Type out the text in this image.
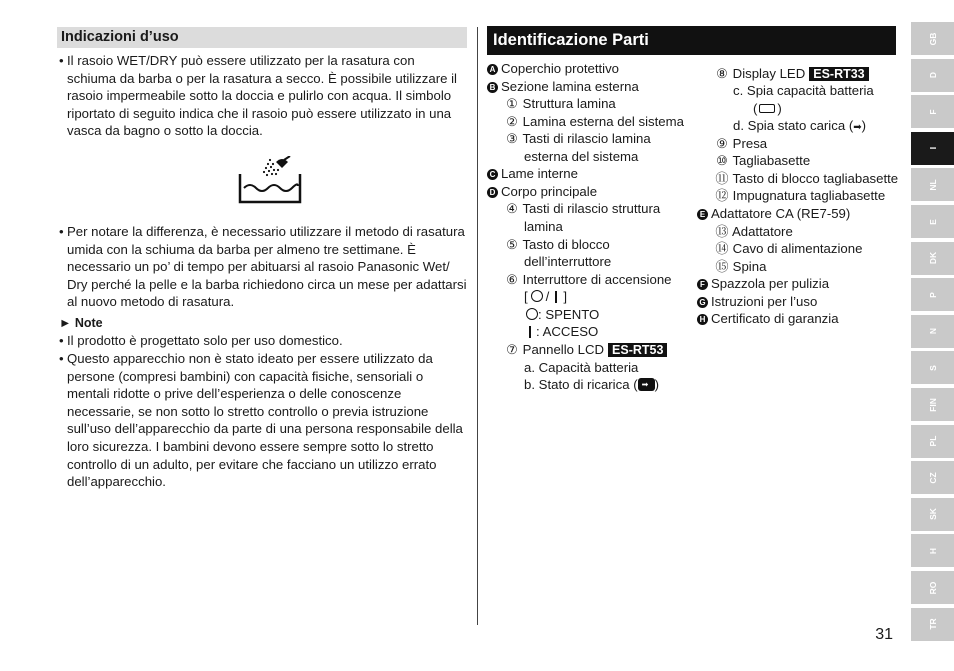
Indicazioni d’uso
• Il rasoio WET/DRY può essere utilizzato per la rasatura con schiuma da barba o per la rasatura a secco. È possibile utilizzare il rasoio impermeabile sotto la doccia e pulirlo con acqua. Il simbolo riportato di seguito indica che il rasoio può essere utilizzato in una vasca da bagno o sotto la doccia.
• Per notare la differenza, è necessario utilizzare il metodo di rasatura umida con la schiuma da barba per almeno tre settimane. È necessario un po’ di tempo per abituarsi al rasoio Panasonic Wet/ Dry perché la pelle e la barba richiedono circa un mese per adattarsi al nuovo metodo di rasatura.
► Note
• Il prodotto è progettato solo per uso domestico.
• Questo apparecchio non è stato ideato per essere utilizzato da persone (compresi bambini) con capacità fisiche, sensoriali o mentali ridotte o prive dell’esperienza o delle conoscenze necessarie, se non sotto lo stretto controllo o previa istruzione sull’uso dell’apparecchio da parte di una persona responsabile della loro sicurezza. I bambini devono essere sempre sotto lo stretto controllo di un adulto, per evitare che facciano un utilizzo errato dell’apparecchio.
Identificazione Parti
A Coperchio protettivo
B Sezione lamina esterna
① Struttura lamina
② Lamina esterna del sistema
③ Tasti di rilascio lamina
esterna del sistema
C Lame interne
D Corpo principale
④ Tasti di rilascio struttura
lamina
⑤ Tasto di blocco
dell’interruttore
⑥ Interruttore di accensione
[ / ]
: SPENTO
: ACCESO
⑦ Pannello LCD ES-RT53
a. Capacità batteria
b. Stato di ricarica ( ➡ )
⑧ Display LED ES-RT33
c. Spia capacità batteria
( )
d. Spia stato carica (➡)
⑨ Presa
⑩ Tagliabasette
⑪ Tasto di blocco tagliabasette
⑫ Impugnatura tagliabasette
E Adattatore CA (RE7-59)
⑬ Adattatore
⑭ Cavo di alimentazione
⑮ Spina
F Spazzola per pulizia
G Istruzioni per l’uso
H Certificato di garanzia
GB
D
F
I
NL
E
DK
P
N
S
FIN
PL
CZ
SK
H
RO
TR
31
